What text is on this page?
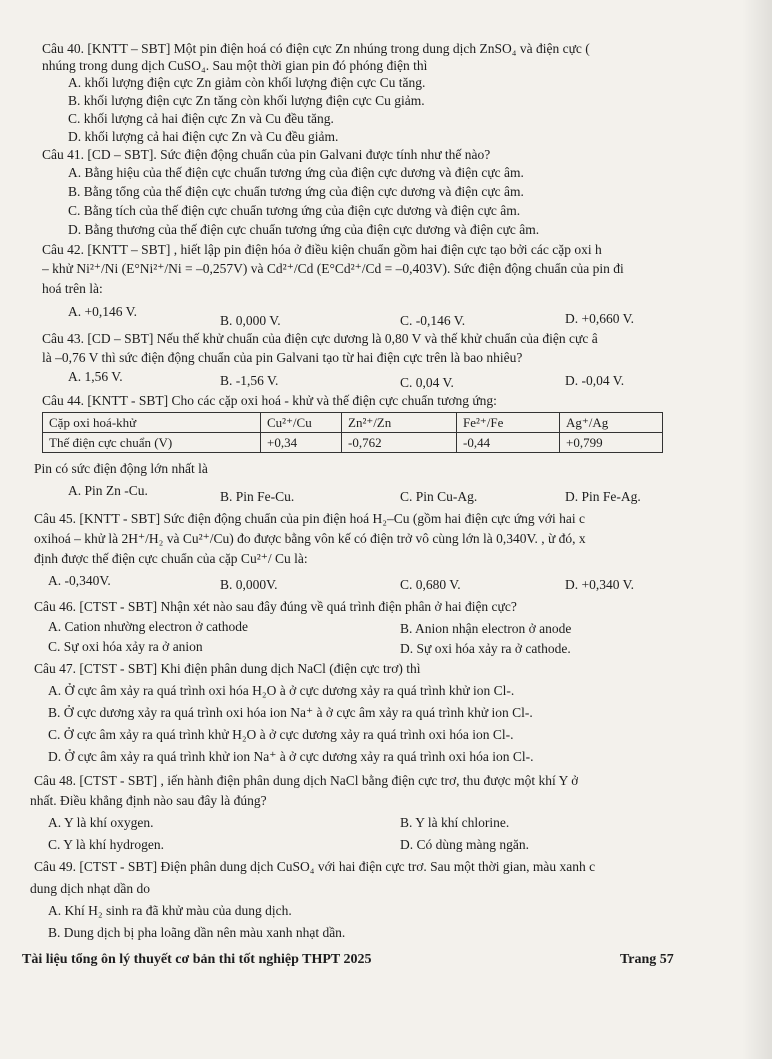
Câu 40. [KNTT – SBT] Một pin điện hoá có điện cực Zn nhúng trong dung dịch ZnSO₄ và điện cực (
nhúng trong dung dịch CuSO₄. Sau một thời gian pin đó phóng điện thì
A. khối lượng điện cực Zn giảm còn khối lượng điện cực Cu tăng.
B. khối lượng điện cực Zn tăng còn khối lượng điện cực Cu giảm.
C. khối lượng cả hai điện cực Zn và Cu đều tăng.
D. khối lượng cả hai điện cực Zn và Cu đều giảm.
Câu 41. [CD – SBT]. Sức điện động chuẩn của pin Galvani được tính như thế nào?
A. Bằng hiệu của thế điện cực chuẩn tương ứng của điện cực dương và điện cực âm.
B. Bằng tổng của thế điện cực chuẩn tương ứng của điện cực dương và điện cực âm.
C. Bằng tích của thế điện cực chuẩn tương ứng của điện cực dương và điện cực âm.
D. Bằng thương của thế điện cực chuẩn tương ứng của điện cực dương và điện cực âm.
Câu 42. [KNTT – SBT] , hiết lập pin điện hóa ở điều kiện chuẩn gồm hai điện cực tạo bởi các cặp oxi h
– khử Ni²⁺/Ni (E°Ni²⁺/Ni = –0,257V) và Cd²⁺/Cd (E°Cd²⁺/Cd = –0,403V). Sức điện động chuẩn của pin đi
hoá trên là:
A. +0,146 V.
B. 0,000 V.	C. -0,146 V.	D. +0,660 V.
Câu 43. [CD – SBT] Nếu thế khử chuẩn của điện cực dương là 0,80 V và thế khử chuẩn của điện cực â
là –0,76 V thì sức điện động chuẩn của pin Galvani tạo từ hai điện cực trên là bao nhiêu?
A. 1,56 V.	B. -1,56 V.	C. 0,04 V.	D. -0,04 V.
Câu 44. [KNTT - SBT] Cho các cặp oxi hoá - khử và thế điện cực chuẩn tương ứng:
Cặp oxi hoá-khử	Cu²⁺/Cu	Zn²⁺/Zn	Fe²⁺/Fe	Ag⁺/Ag
Thế điện cực chuẩn (V)	+0,34	-0,762	-0,44	+0,799
Pin có sức điện động lớn nhất là
A. Pin Zn -Cu.	B. Pin Fe-Cu.	C. Pin Cu-Ag.	D. Pin Fe-Ag.
Câu 45. [KNTT - SBT] Sức điện động chuẩn của pin điện hoá H₂–Cu (gồm hai điện cực ứng với hai c
oxihoá – khử là 2H⁺/H₂ và Cu²⁺/Cu) đo được bằng vôn kế có điện trở vô cùng lớn là 0,340V. , ừ đó, x
định được thế điện cực chuẩn của cặp Cu²⁺/ Cu là:
A. -0,340V.	B. 0,000V.	C. 0,680 V.	D. +0,340 V.
Câu 46. [CTST - SBT] Nhận xét nào sau đây đúng về quá trình điện phân ở hai điện cực?
A. Cation nhường electron ở cathode	B. Anion nhận electron ở anode
C. Sự oxi hóa xảy ra ở anion	D. Sự oxi hóa xảy ra ở cathode.
Câu 47. [CTST - SBT] Khi điện phân dung dịch NaCl (điện cực trơ) thì
A. Ở cực âm xảy ra quá trình oxi hóa H₂O à ở cực dương xảy ra quá trình khử ion Cl-.
B. Ở cực dương xảy ra quá trình oxi hóa ion Na⁺ à ở cực âm xảy ra quá trình khử ion Cl-.
C. Ở cực âm xảy ra quá trình khử H₂O à ở cực dương xảy ra quá trình oxi hóa ion Cl-.
D. Ở cực âm xảy ra quá trình khử ion Na⁺ à ở cực dương xảy ra quá trình oxi hóa ion Cl-.
Câu 48. [CTST - SBT] , iến hành điện phân dung dịch NaCl bằng điện cực trơ, thu được một khí Y ở
nhất. Điều khẳng định nào sau đây là đúng?
A. Y là khí oxygen.	B. Y là khí chlorine.
C. Y là khí hydrogen.	D. Có dùng màng ngăn.
Câu 49. [CTST - SBT] Điện phân dung dịch CuSO₄ với hai điện cực trơ. Sau một thời gian, màu xanh c
dung dịch nhạt dần do
A. Khí H₂ sinh ra đã khử màu của dung dịch.
B. Dung dịch bị pha loãng dần nên màu xanh nhạt dần.
Tài liệu tổng ôn lý thuyết cơ bản thi tốt nghiệp THPT 2025	Trang 57
